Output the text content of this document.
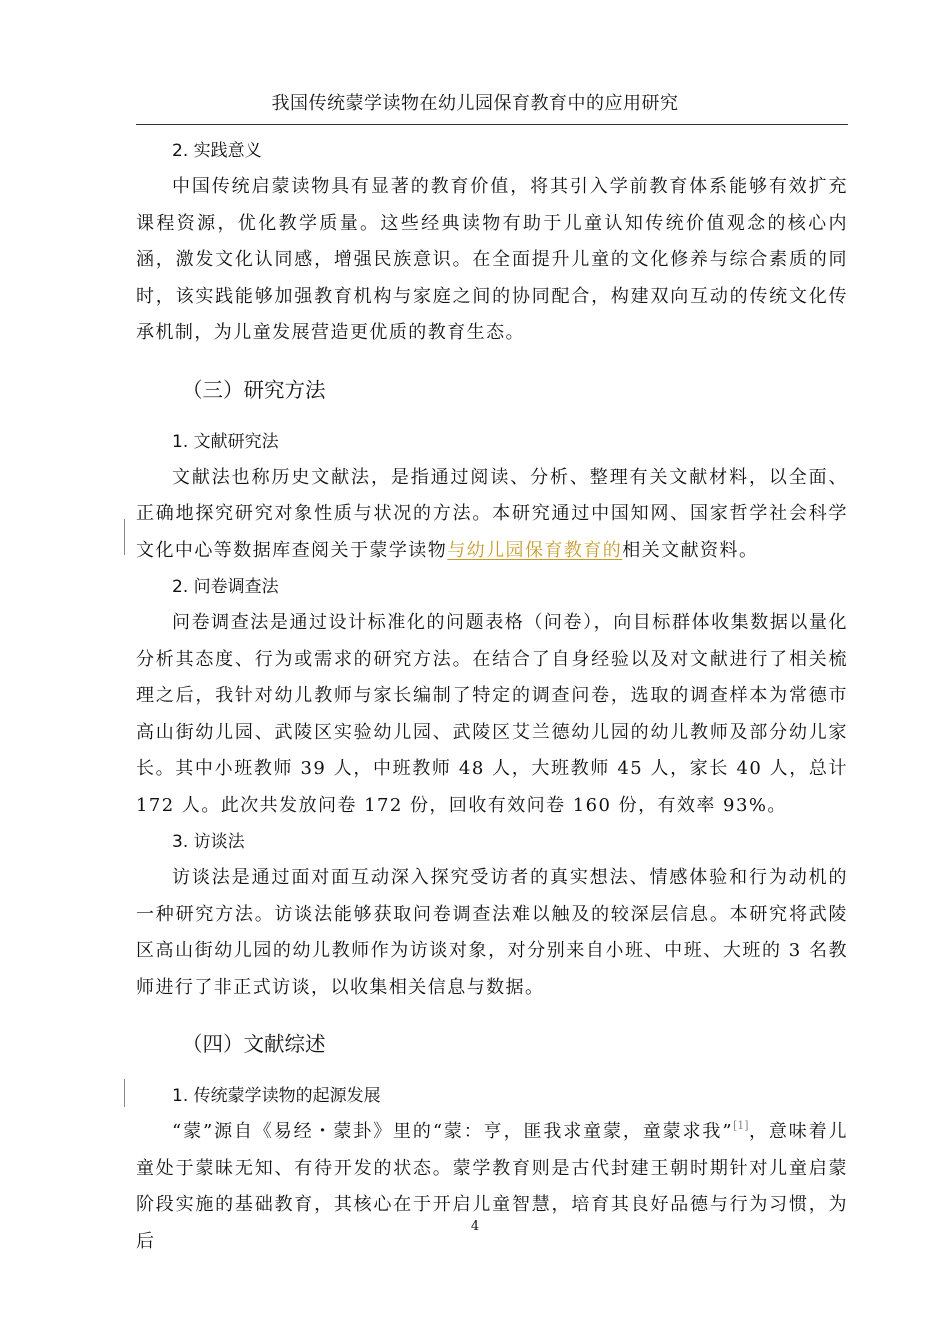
我国传统蒙学读物在幼儿园保育教育中的应用研究
2. 实践意义

中国传统启蒙读物具有显著的教育价值，将其引入学前教育体系能够有效扩充课程资源，优化教学质量。这些经典读物有助于儿童认知传统价值观念的核心内涵，激发文化认同感，增强民族意识。在全面提升儿童的文化修养与综合素质的同时，该实践能够加强教育机构与家庭之间的协同配合，构建双向互动的传统文化传承机制，为儿童发展营造更优质的教育生态。

（三）研究方法
1. 文献研究法

文献法也称历史文献法，是指通过阅读、分析、整理有关文献材料，以全面、正确地探究研究对象性质与状况的方法。本研究通过中国知网、国家哲学社会科学文化中心等数据库查阅关于蒙学读物与幼儿园保育教育的相关文献资料。

2. 问卷调查法

问卷调查法是通过设计标准化的问题表格（问卷），向目标群体收集数据以量化分析其态度、行为或需求的研究方法。在结合了自身经验以及对文献进行了相关梳理之后，我针对幼儿教师与家长编制了特定的调查问卷，选取的调查样本为常德市高山街幼儿园、武陵区实验幼儿园、武陵区艾兰德幼儿园的幼儿教师及部分幼儿家长。其中小班教师 39 人，中班教师 48 人，大班教师 45 人，家长 40 人，总计 172 人。此次共发放问卷 172 份，回收有效问卷 160 份，有效率 93%。

3. 访谈法

访谈法是通过面对面互动深入探究受访者的真实想法、情感体验和行为动机的一种研究方法。访谈法能够获取问卷调查法难以触及的较深层信息。本研究将武陵区高山街幼儿园的幼儿教师作为访谈对象，对分别来自小班、中班、大班的 3 名教师进行了非正式访谈，以收集相关信息与数据。

（四）文献综述
1. 传统蒙学读物的起源发展

“蒙”源自《易经・蒙卦》里的“蒙：亨，匪我求童蒙，童蒙求我”[1]，意味着儿童处于蒙昧无知、有待开发的状态。蒙学教育则是古代封建王朝时期针对儿童启蒙阶段实施的基础教育，其核心在于开启儿童智慧，培育其良好品德与行为习惯，为后

4
